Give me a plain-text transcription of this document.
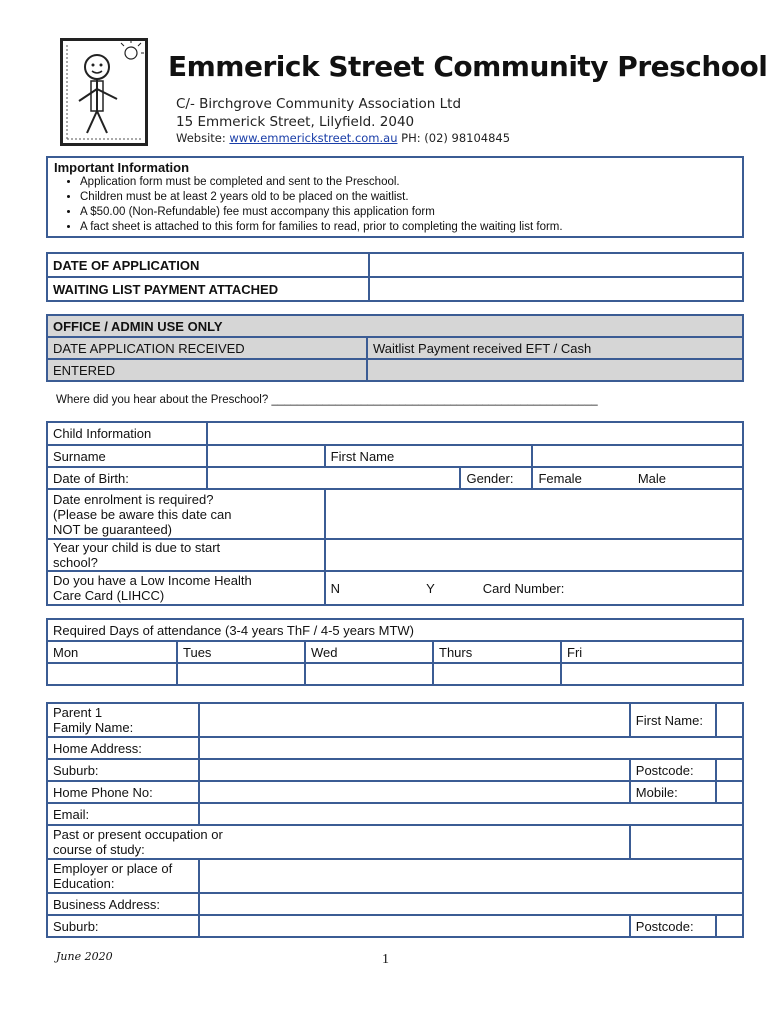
Emmerick Street Community Preschool
C/- Birchgrove Community Association Ltd
15 Emmerick Street, Lilyfield. 2040
Website: www.emmerickstreet.com.au PH: (02) 98104845
Important Information
• Application form must be completed and sent to the Preschool.
• Children must be at least 2 years old to be placed on the waitlist.
• A $50.00 (Non-Refundable) fee must accompany this application form
• A fact sheet is attached to this form for families to read, prior to completing the waiting list form.
DATE OF APPLICATION	
WAITING LIST PAYMENT ATTACHED	
OFFICE / ADMIN USE ONLY	
DATE APPLICATION RECEIVED	Waitlist Payment received EFT / Cash
ENTERED	
Where did you hear about the Preschool? ___________________________________________________
Child Information				
Surname		First Name		
Date of Birth:			Gender:	Female Male

Date enrolment is required?
(Please be aware this date can
NOT be guaranteed)				

Year your child is due to start
school?				

Do you have a Low Income Health
Care Card (LIHCC)		N Y Card Number:		
Required Days of attendance (3-4 years ThF / 4-5 years MTW)				
Mon	Tues	Wed	Thurs	Fri

Parent 1
Family Name:		First Name:	
Home Address:			
Suburb:		Postcode:	
Home Phone No:		Mobile:	
Email:			

Past or present occupation or
course of study:			

Employer or place of
Education:			

Business Address:			
Suburb:		Postcode:	
June 2020	1
